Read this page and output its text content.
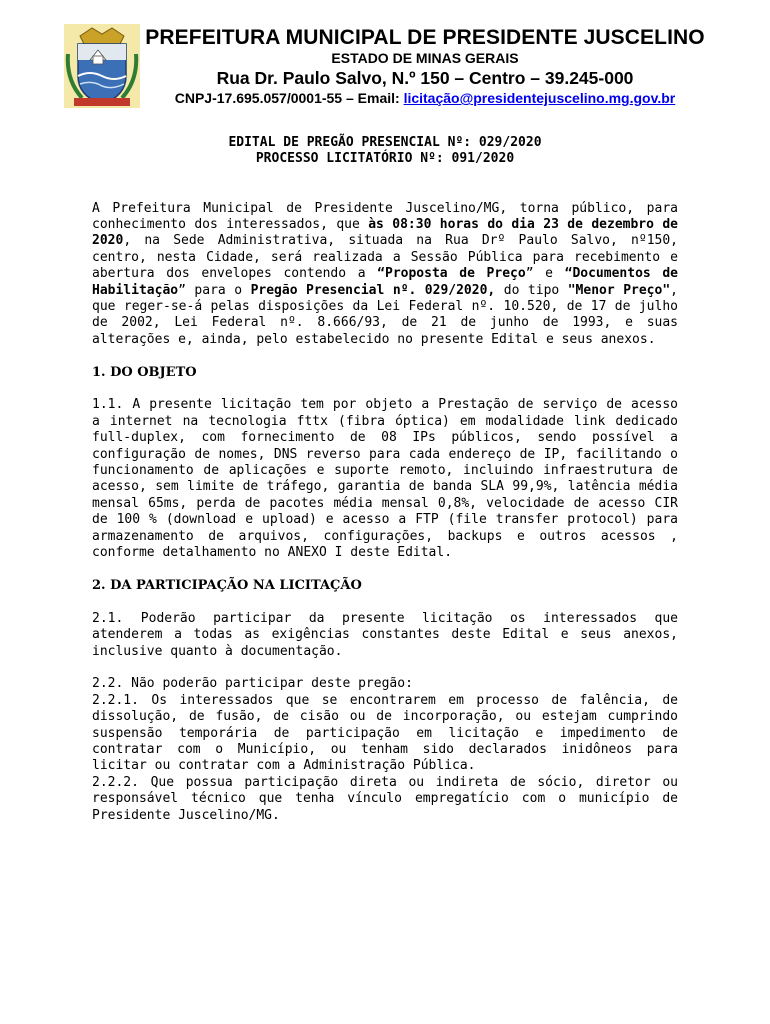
PREFEITURA MUNICIPAL DE PRESIDENTE JUSCELINO
ESTADO DE MINAS GERAIS
Rua Dr. Paulo Salvo, N.º 150 – Centro – 39.245-000
CNPJ-17.695.057/0001-55 – Email: licitação@presidentejuscelino.mg.gov.br
EDITAL DE PREGÃO PRESENCIAL Nº: 029/2020
PROCESSO LICITATÓRIO Nº: 091/2020

A Prefeitura Municipal de Presidente Juscelino/MG, torna público, para conhecimento dos interessados, que às 08:30 horas do dia 23 de dezembro de 2020, na Sede Administrativa, situada na Rua Drº Paulo Salvo, nº150, centro, nesta Cidade, será realizada a Sessão Pública para recebimento e abertura dos envelopes contendo a “Proposta de Preço” e “Documentos de Habilitação” para o Pregão Presencial nº. 029/2020, do tipo "Menor Preço", que reger-se-á pelas disposições da Lei Federal nº. 10.520, de 17 de julho de 2002, Lei Federal nº. 8.666/93, de 21 de junho de 1993, e suas alterações e, ainda, pelo estabelecido no presente Edital e seus anexos.

1. DO OBJETO

1.1. A presente licitação tem por objeto a Prestação de serviço de acesso a internet na tecnologia fttx (fibra óptica) em modalidade link dedicado full-duplex, com fornecimento de 08 IPs públicos, sendo possível a configuração de nomes, DNS reverso para cada endereço de IP, facilitando o funcionamento de aplicações e suporte remoto, incluindo infraestrutura de acesso, sem limite de tráfego, garantia de banda SLA 99,9%, latência média mensal 65ms, perda de pacotes média mensal 0,8%, velocidade de acesso CIR de 100 % (download e upload) e acesso a FTP (file transfer protocol) para armazenamento de arquivos, configurações, backups e outros acessos , conforme detalhamento no ANEXO I deste Edital.

2. DA PARTICIPAÇÃO NA LICITAÇÃO

2.1. Poderão participar da presente licitação os interessados que atenderem a todas as exigências constantes deste Edital e seus anexos, inclusive quanto à documentação.

2.2. Não poderão participar deste pregão:

2.2.1. Os interessados que se encontrarem em processo de falência, de dissolução, de fusão, de cisão ou de incorporação, ou estejam cumprindo suspensão temporária de participação em licitação e impedimento de contratar com o Município, ou tenham sido declarados inidôneos para licitar ou contratar com a Administração Pública.

2.2.2. Que possua participação direta ou indireta de sócio, diretor ou responsável técnico que tenha vínculo empregatício com o município de Presidente Juscelino/MG.
